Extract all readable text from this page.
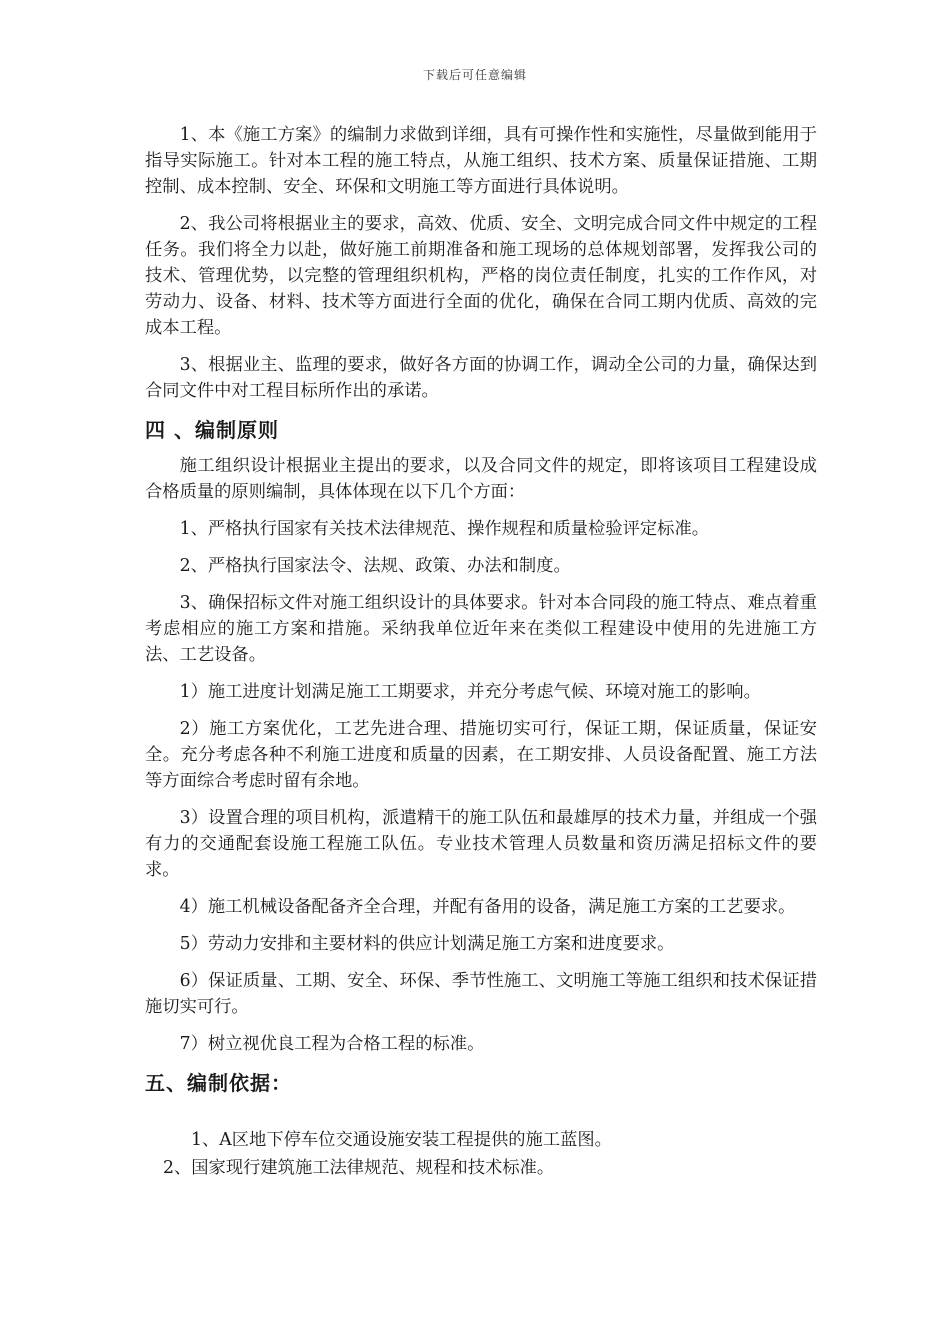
下载后可任意编辑

1、本《施工方案》的编制力求做到详细，具有可操作性和实施性，尽量做到能用于指导实际施工。针对本工程的施工特点，从施工组织、技术方案、质量保证措施、工期控制、成本控制、安全、环保和文明施工等方面进行具体说明。

2、我公司将根据业主的要求，高效、优质、安全、文明完成合同文件中规定的工程任务。我们将全力以赴，做好施工前期准备和施工现场的总体规划部署，发挥我公司的技术、管理优势，以完整的管理组织机构，严格的岗位责任制度，扎实的工作作风，对劳动力、设备、材料、技术等方面进行全面的优化，确保在合同工期内优质、高效的完成本工程。

3、根据业主、监理的要求，做好各方面的协调工作，调动全公司的力量，确保达到合同文件中对工程目标所作出的承诺。

四 、编制原则

施工组织设计根据业主提出的要求，以及合同文件的规定，即将该项目工程建设成合格质量的原则编制，具体体现在以下几个方面：

1、严格执行国家有关技术法律规范、操作规程和质量检验评定标准。

2、严格执行国家法令、法规、政策、办法和制度。

3、确保招标文件对施工组织设计的具体要求。针对本合同段的施工特点、难点着重考虑相应的施工方案和措施。采纳我单位近年来在类似工程建设中使用的先进施工方法、工艺设备。

1）施工进度计划满足施工工期要求，并充分考虑气候、环境对施工的影响。

2）施工方案优化，工艺先进合理、措施切实可行，保证工期，保证质量，保证安全。充分考虑各种不利施工进度和质量的因素，在工期安排、人员设备配置、施工方法等方面综合考虑时留有余地。

3）设置合理的项目机构，派遣精干的施工队伍和最雄厚的技术力量，并组成一个强有力的交通配套设施工程施工队伍。专业技术管理人员数量和资历满足招标文件的要求。

4）施工机械设备配备齐全合理，并配有备用的设备，满足施工方案的工艺要求。

5）劳动力安排和主要材料的供应计划满足施工方案和进度要求。

6）保证质量、工期、安全、环保、季节性施工、文明施工等施工组织和技术保证措施切实可行。

7）树立视优良工程为合格工程的标准。

五、编制依据：

1、A区地下停车位交通设施安装工程提供的施工蓝图。

2、国家现行建筑施工法律规范、规程和技术标准。
